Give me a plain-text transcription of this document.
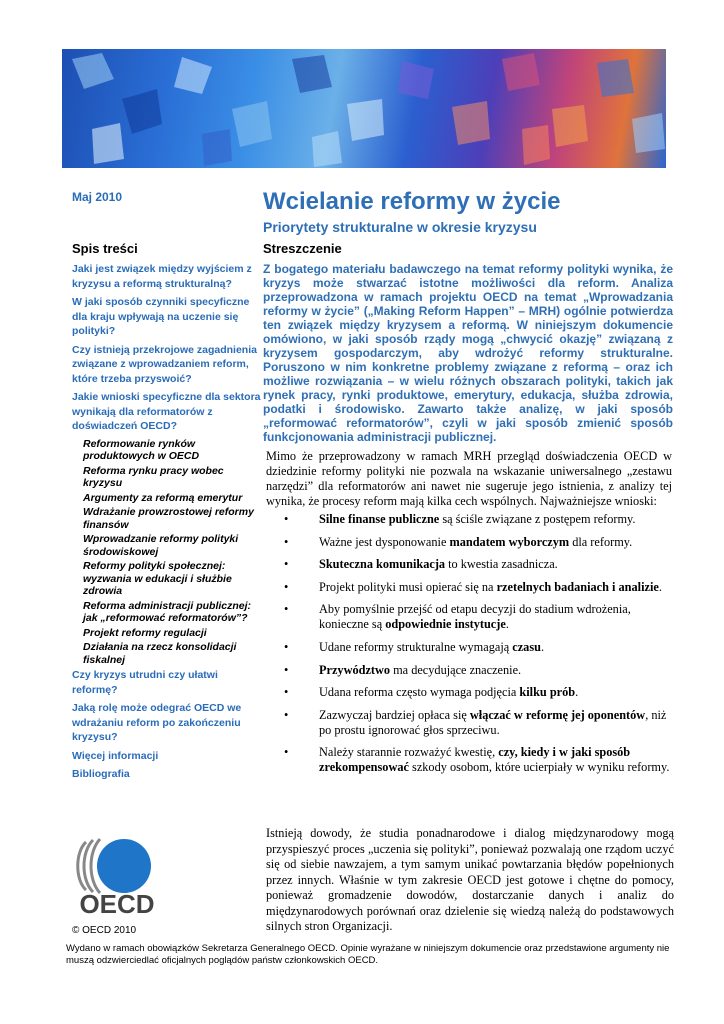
Maj 2010	Wcielanie reformy w życie
Priorytety strukturalne w okresie kryzysu
Spis treści	Streszczenie
Jaki jest związek między wyjściem z kryzysu a reformą strukturalną?
W jaki sposób czynniki specyficzne dla kraju wpływają na uczenie się polityki?
Czy istnieją przekrojowe zagadnienia związane z wprowadzaniem reform, które trzeba przyswoić?
Jakie wnioski specyficzne dla sektora wynikają dla reformatorów z doświadczeń OECD?
Reformowanie rynków produktowych w OECD
Reforma rynku pracy wobec kryzysu
Argumenty za reformą emerytur
Wdrażanie prowzrostowej reformy finansów
Wprowadzanie reformy polityki środowiskowej
Reformy polityki społecznej: wyzwania w edukacji i służbie zdrowia
Reforma administracji publicznej: jak „reformować reformatorów”?
Projekt reformy regulacji
Działania na rzecz konsolidacji fiskalnej
Czy kryzys utrudni czy ułatwi reformę?
Jaką rolę może odegrać OECD we wdrażaniu reform po zakończeniu kryzysu?
Więcej informacji
Bibliografia

Z bogatego materiału badawczego na temat reformy polityki wynika, że kryzys może stwarzać istotne możliwości dla reform. Analiza przeprowadzona w ramach projektu OECD na temat „Wprowadzania reformy w życie” („Making Reform Happen” – MRH) ogólnie potwierdza ten związek między kryzysem a reformą. W niniejszym dokumencie omówiono, w jaki sposób rządy mogą „chwycić okazję” związaną z kryzysem gospodarczym, aby wdrożyć reformy strukturalne. Poruszono w nim konkretne problemy związane z reformą – oraz ich możliwe rozwiązania – w wielu różnych obszarach polityki, takich jak rynek pracy, rynki produktowe, emerytury, edukacja, służba zdrowia, podatki i środowisko. Zawarto także analizę, w jaki sposób „reformować reformatorów”, czyli w jaki sposób zmienić sposób funkcjonowania administracji publicznej.

Mimo że przeprowadzony w ramach MRH przegląd doświadczenia OECD w dziedzinie reformy polityki nie pozwala na wskazanie uniwersalnego „zestawu narzędzi” dla reformatorów ani nawet nie sugeruje jego istnienia, z analizy tej wynika, że procesy reform mają kilka cech wspólnych. Najważniejsze wnioski:

• Silne finanse publiczne są ściśle związane z postępem reformy.
• Ważne jest dysponowanie mandatem wyborczym dla reformy.
• Skuteczna komunikacja to kwestia zasadnicza.
• Projekt polityki musi opierać się na rzetelnych badaniach i analizie.
• Aby pomyślnie przejść od etapu decyzji do stadium wdrożenia, konieczne są odpowiednie instytucje.
• Udane reformy strukturalne wymagają czasu.
• Przywództwo ma decydujące znaczenie.
• Udana reforma często wymaga podjęcia kilku prób.
• Zazwyczaj bardziej opłaca się włączać w reformę jej oponentów, niż po prostu ignorować głos sprzeciwu.
• Należy starannie rozważyć kwestię, czy, kiedy i w jaki sposób zrekompensować szkody osobom, które ucierpiały w wyniku reformy.

Istnieją dowody, że studia ponadnarodowe i dialog międzynarodowy mogą przyspieszyć proces „uczenia się polityki”, ponieważ pozwalają one rządom uczyć się od siebie nawzajem, a tym samym unikać powtarzania błędów popełnionych przez innych. Właśnie w tym zakresie OECD jest gotowe i chętne do pomocy, ponieważ gromadzenie dowodów, dostarczanie danych i analiz do międzynarodowych porównań oraz dzielenie się wiedzą należą do podstawowych silnych stron Organizacji.

OECD
© OECD 2010
Wydano w ramach obowiązków Sekretarza Generalnego OECD. Opinie wyrażane w niniejszym dokumencie oraz przedstawione argumenty nie muszą odzwierciedlać oficjalnych poglądów państw członkowskich OECD.
